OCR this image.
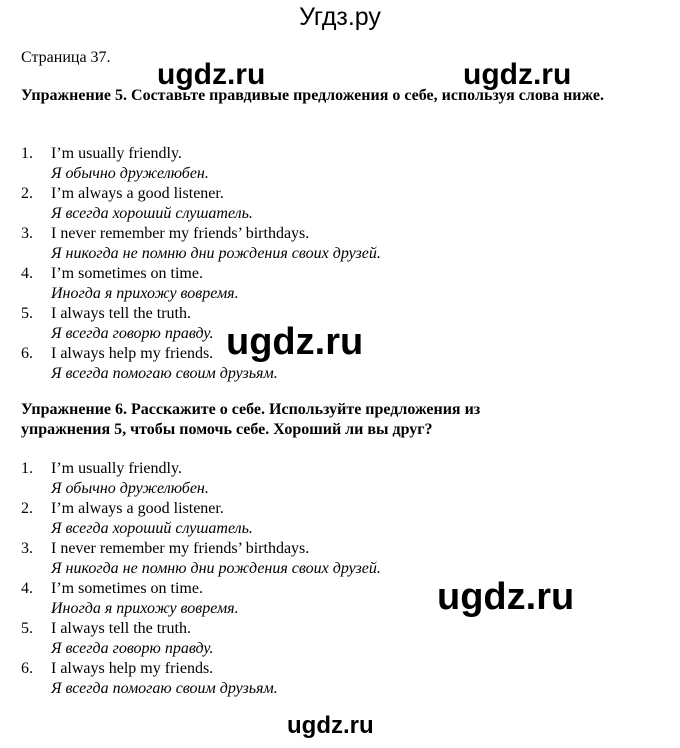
Угдз.ру
Страница 37.
Упражнение 5. Составьте правдивые предложения о себе, используя слова ниже.
1. I’m usually friendly.
Я обычно дружелюбен.
2. I’m always a good listener.
Я всегда хороший слушатель.
3. I never remember my friends’ birthdays.
Я никогда не помню дни рождения своих друзей.
4. I’m sometimes on time.
Иногда я прихожу вовремя.
5. I always tell the truth.
Я всегда говорю правду.
6. I always help my friends.
Я всегда помогаю своим друзьям.
Упражнение 6. Расскажите о себе. Используйте предложения из упражнения 5, чтобы помочь себе. Хороший ли вы друг?
1. I’m usually friendly.
Я обычно дружелюбен.
2. I’m always a good listener.
Я всегда хороший слушатель.
3. I never remember my friends’ birthdays.
Я никогда не помню дни рождения своих друзей.
4. I’m sometimes on time.
Иногда я прихожу вовремя.
5. I always tell the truth.
Я всегда говорю правду.
6. I always help my friends.
Я всегда помогаю своим друзьям.
ugdz.ru	ugdz.ru
ugdz.ru
ugdz.ru
ugdz.ru
